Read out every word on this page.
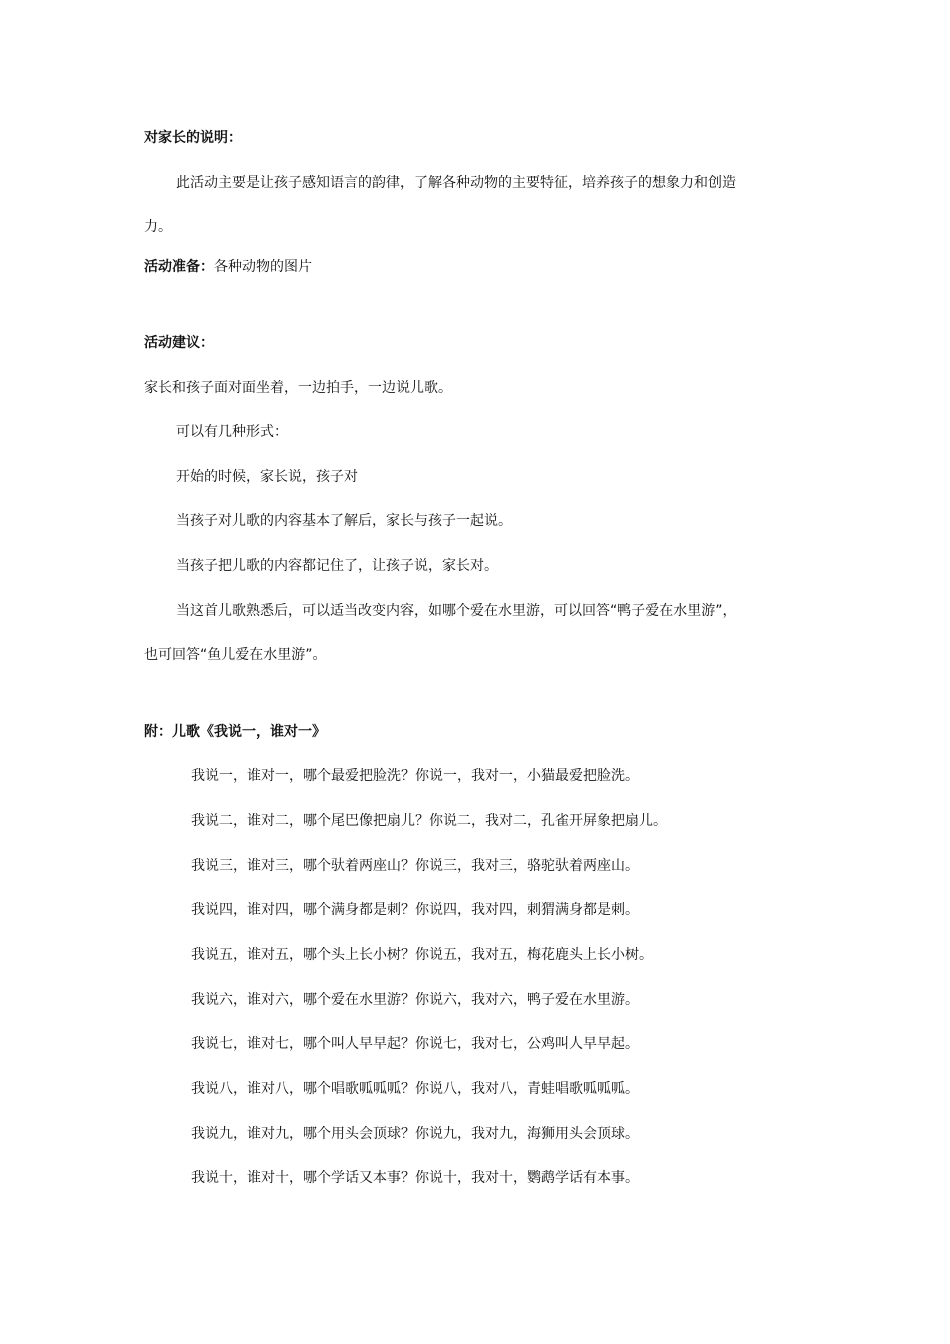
对家长的说明：
此活动主要是让孩子感知语言的韵律，了解各种动物的主要特征，培养孩子的想象力和创造
力。
活动准备：各种动物的图片
活动建议：
家长和孩子面对面坐着，一边拍手，一边说儿歌。
可以有几种形式：
开始的时候，家长说，孩子对
当孩子对儿歌的内容基本了解后，家长与孩子一起说。
当孩子把儿歌的内容都记住了，让孩子说，家长对。
当这首儿歌熟悉后，可以适当改变内容，如哪个爱在水里游，可以回答“鸭子爱在水里游”，
也可回答“鱼儿爱在水里游”。
附：儿歌《我说一，谁对一》
我说一，谁对一，哪个最爱把脸洗？你说一，我对一，小猫最爱把脸洗。
我说二，谁对二，哪个尾巴像把扇儿？你说二，我对二，孔雀开屏象把扇儿。
我说三，谁对三，哪个驮着两座山？你说三，我对三，骆驼驮着两座山。
我说四，谁对四，哪个满身都是刺？你说四，我对四，刺猬满身都是刺。
我说五，谁对五，哪个头上长小树？你说五，我对五，梅花鹿头上长小树。
我说六，谁对六，哪个爱在水里游？你说六，我对六，鸭子爱在水里游。
我说七，谁对七，哪个叫人早早起？你说七，我对七，公鸡叫人早早起。
我说八，谁对八，哪个唱歌呱呱呱？你说八，我对八，青蛙唱歌呱呱呱。
我说九，谁对九，哪个用头会顶球？你说九，我对九，海狮用头会顶球。
我说十，谁对十，哪个学话又本事？你说十，我对十，鹦鹉学话有本事。
